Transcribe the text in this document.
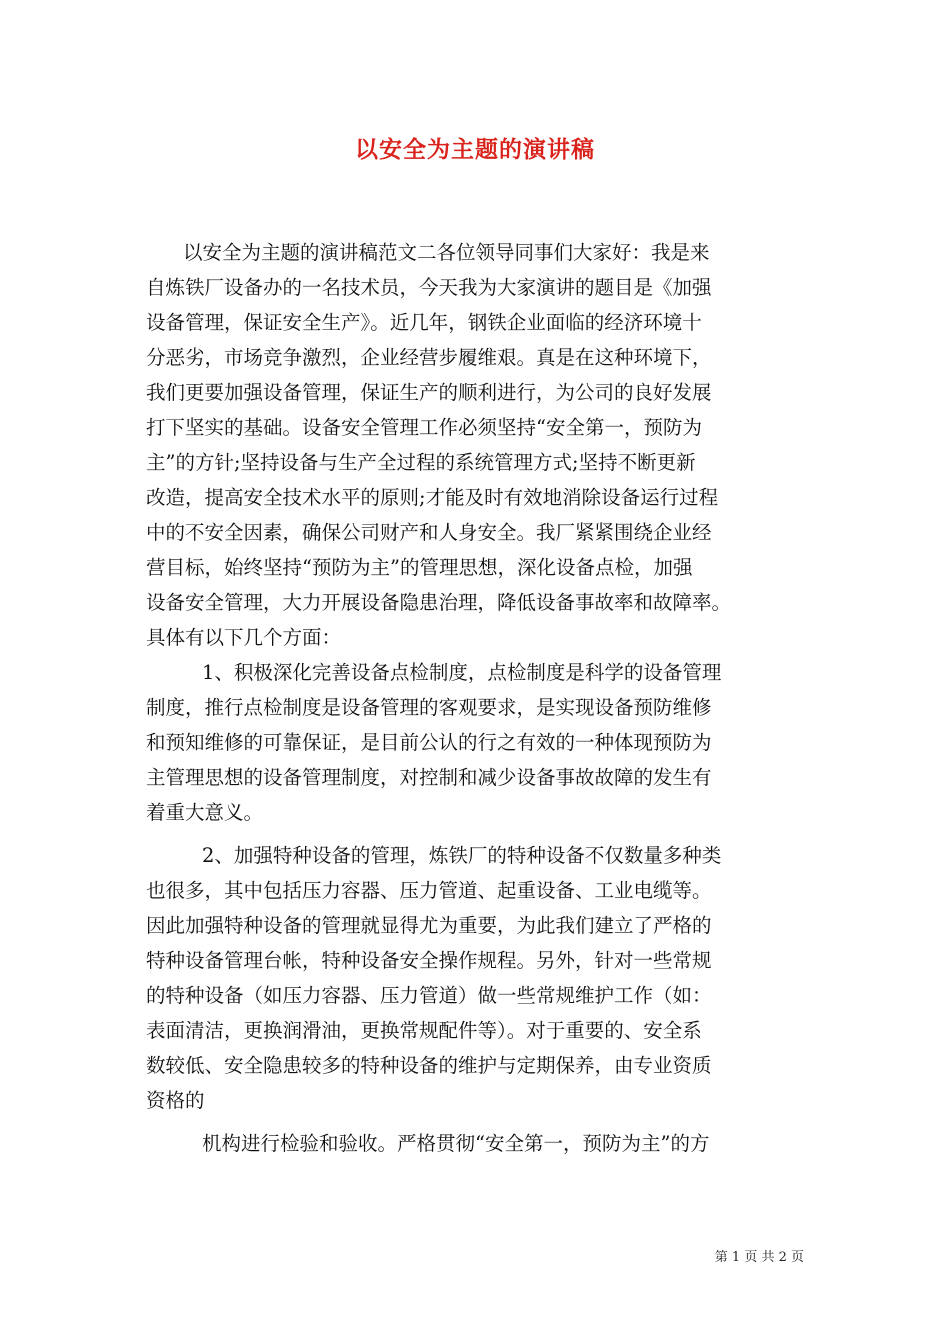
以安全为主题的演讲稿

以安全为主题的演讲稿范文二各位领导同事们大家好：我是来

自炼铁厂设备办的一名技术员，今天我为大家演讲的题目是《加强

设备管理，保证安全生产》。近几年，钢铁企业面临的经济环境十

分恶劣，市场竞争激烈，企业经营步履维艰。真是在这种环境下，

我们更要加强设备管理，保证生产的顺利进行，为公司的良好发展

打下坚实的基础。设备安全管理工作必须坚持“安全第一，预防为

主”的方针;坚持设备与生产全过程的系统管理方式;坚持不断更新

改造，提高安全技术水平的原则;才能及时有效地消除设备运行过程

中的不安全因素，确保公司财产和人身安全。我厂紧紧围绕企业经

营目标，始终坚持“预防为主”的管理思想，深化设备点检，加强

设备安全管理，大力开展设备隐患治理，降低设备事故率和故障率。

具体有以下几个方面：

1、积极深化完善设备点检制度，点检制度是科学的设备管理

制度，推行点检制度是设备管理的客观要求，是实现设备预防维修

和预知维修的可靠保证，是目前公认的行之有效的一种体现预防为

主管理思想的设备管理制度，对控制和减少设备事故故障的发生有

着重大意义。

2、加强特种设备的管理，炼铁厂的特种设备不仅数量多种类

也很多，其中包括压力容器、压力管道、起重设备、工业电缆等。

因此加强特种设备的管理就显得尤为重要，为此我们建立了严格的

特种设备管理台帐，特种设备安全操作规程。另外，针对一些常规

的特种设备（如压力容器、压力管道）做一些常规维护工作（如：

表面清洁，更换润滑油，更换常规配件等）。对于重要的、安全系

数较低、安全隐患较多的特种设备的维护与定期保养，由专业资质

资格的

机构进行检验和验收。严格贯彻“安全第一，预防为主”的方

第 1 页 共 2 页
